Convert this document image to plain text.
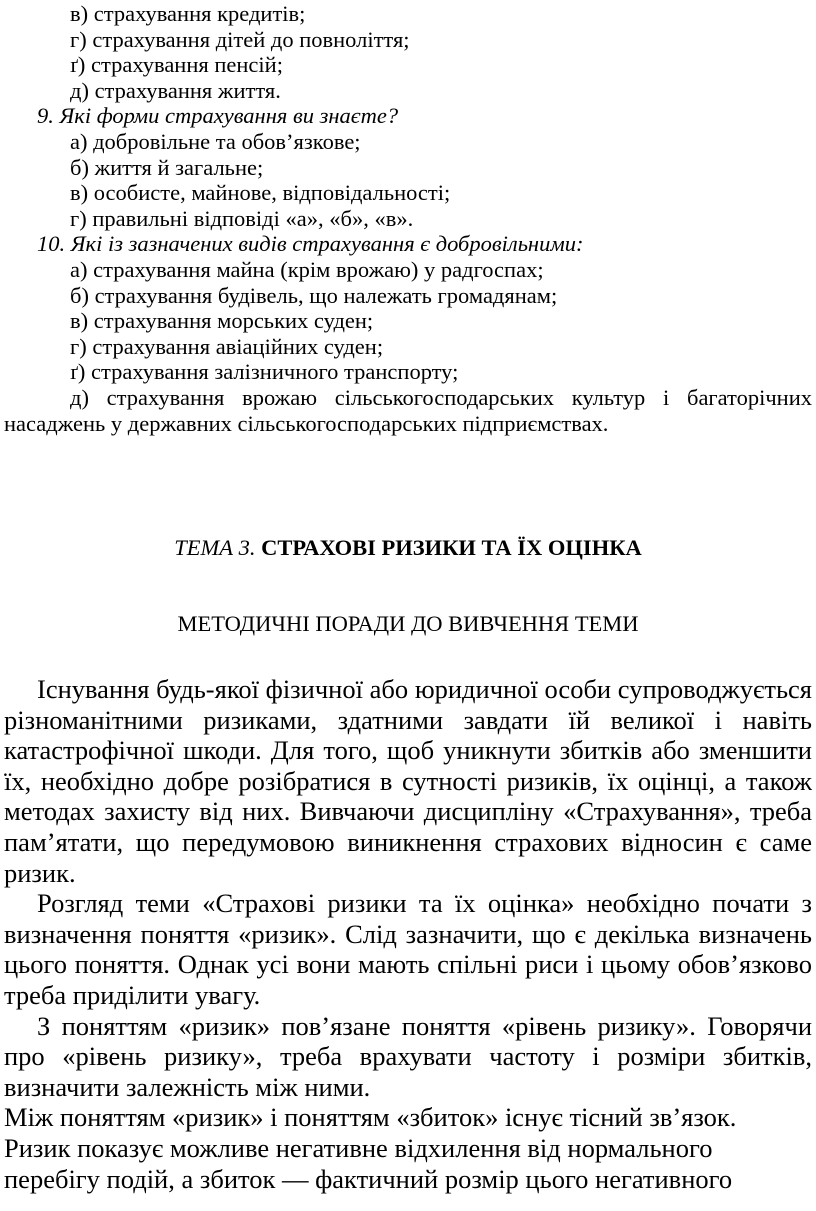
в) страхування кредитів;
г) страхування дітей до повноліття;
ґ) страхування пенсій;
д) страхування життя.
9. Які форми страхування ви знаєте?
а) добровільне та обов’язкове;
б) життя й загальне;
в) особисте, майнове, відповідальності;
г) правильні відповіді «а», «б», «в».
10. Які із зазначених видів страхування є добровільними:
а) страхування майна (крім врожаю) у радгоспах;
б) страхування будівель, що належать громадянам;
в) страхування морських суден;
г) страхування авіаційних суден;
ґ) страхування залізничного транспорту;
д) страхування врожаю сільськогосподарських культур і багаторічних насаджень у державних сільськогосподарських підприємствах.
ТЕМА 3. СТРАХОВІ РИЗИКИ ТА ЇХ ОЦІНКА
МЕТОДИЧНІ ПОРАДИ ДО ВИВЧЕННЯ ТЕМИ

Існування будь-якої фізичної або юридичної особи супроводжується різноманітними ризиками, здатними завдати їй великої і навіть катастрофічної шкоди. Для того, щоб уникнути збитків або зменшити їх, необхідно добре розібратися в сутності ризиків, їх оцінці, а також методах захисту від них. Вивчаючи дисципліну «Страхування», треба пам’ятати, що передумовою виникнення страхових відносин є саме ризик.

Розгляд теми «Страхові ризики та їх оцінка» необхідно почати з визначення поняття «ризик». Слід зазначити, що є декілька визначень цього поняття. Однак усі вони мають спільні риси і цьому обов’язково треба приділити увагу.

З поняттям «ризик» пов’язане поняття «рівень ризику». Говорячи про «рівень ризику», треба врахувати частоту і розміри збитків, визначити залежність між ними.

Між поняттям «ризик» і поняттям «збиток» існує тісний зв’язок.

Ризик показує можливе негативне відхилення від нормального

перебігу подій, а збиток — фактичний розмір цього негативного
